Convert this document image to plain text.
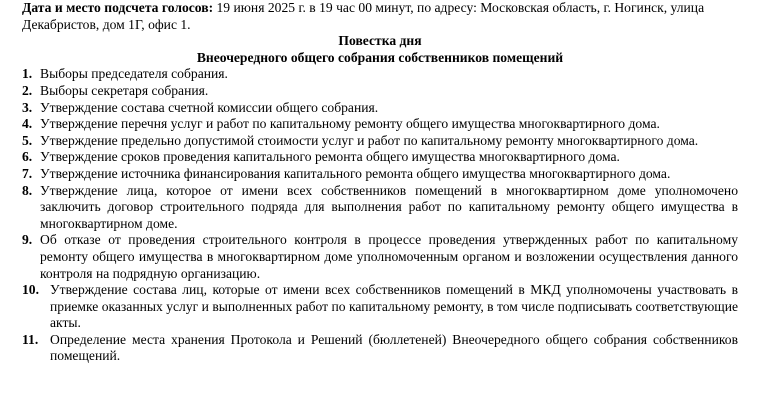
Дата и место подсчета голосов: 19 июня 2025 г. в 19 час 00 минут, по адресу: Московская область, г. Ногинск, улица Декабристов, дом 1Г, офис 1.

Повестка дня

Внеочередного общего собрания собственников помещений

1. Выборы председателя собрания.
2. Выборы секретаря собрания.
3. Утверждение состава счетной комиссии общего собрания.
4. Утверждение перечня услуг и работ по капитальному ремонту общего имущества многоквартирного дома.
5. Утверждение предельно допустимой стоимости услуг и работ по капитальному ремонту многоквартирного дома.
6. Утверждение сроков проведения капитального ремонта общего имущества многоквартирного дома.
7. Утверждение источника финансирования капитального ремонта общего имущества многоквартирного дома.
8. Утверждение лица, которое от имени всех собственников помещений в многоквартирном доме уполномочено заключить договор строительного подряда для выполнения работ по капитальному ремонту общего имущества в многоквартирном доме.
9. Об отказе от проведения строительного контроля в процессе проведения утвержденных работ по капитальному ремонту общего имущества в многоквартирном доме уполномоченным органом и возложении осуществления данного контроля на подрядную организацию.
10. Утверждение состава лиц, которые от имени всех собственников помещений в МКД уполномочены участвовать в приемке оказанных услуг и выполненных работ по капитальному ремонту, в том числе подписывать соответствующие акты.
11. Определение места хранения Протокола и Решений (бюллетеней) Внеочередного общего собрания собственников помещений.
